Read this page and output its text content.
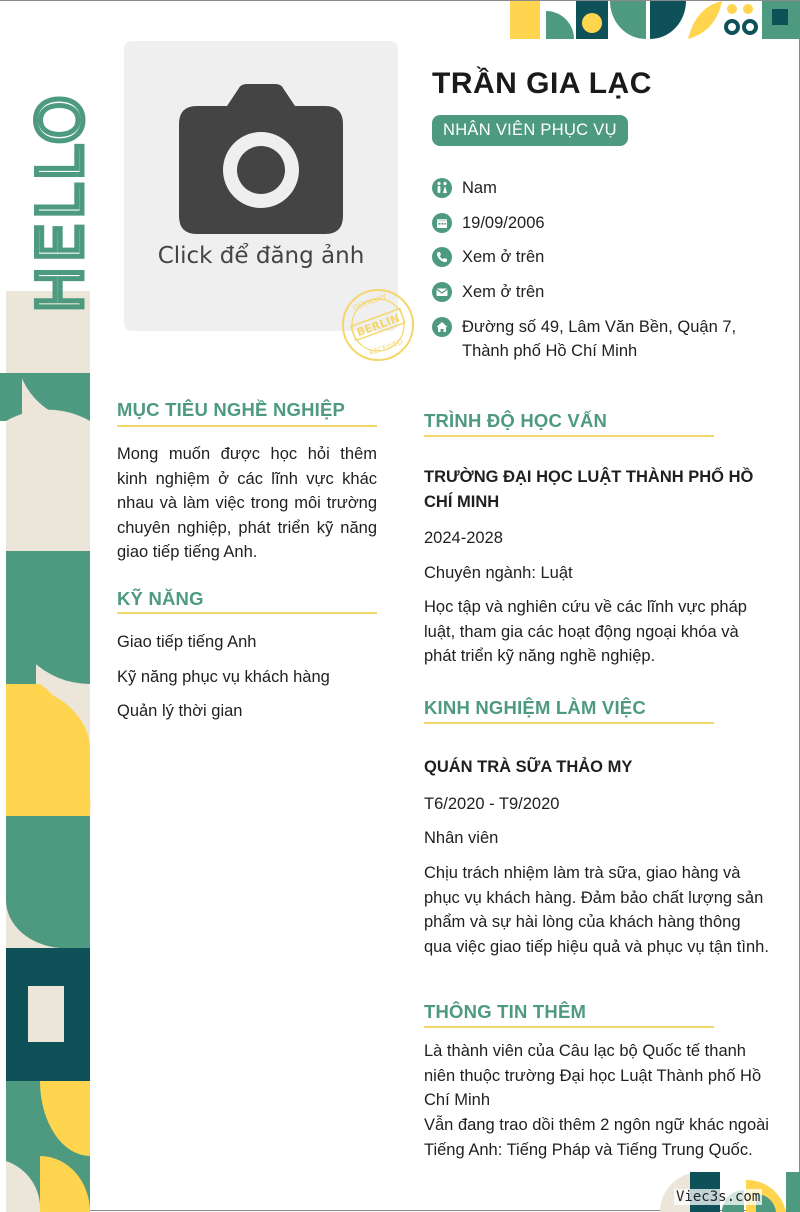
HELLO	Click để đăng ảnh
GERMANY
BERLIN
RECEIVED
TRẦN GIA LẠC
NHÂN VIÊN PHỤC VỤ
Nam
19/09/2006
Xem ở trên
Xem ở trên
Đường số 49, Lâm Văn Bền, Quận 7, Thành phố Hồ Chí Minh
MỤC TIÊU NGHỀ NGHIỆP
Mong muốn được học hỏi thêm kinh nghiệm ở các lĩnh vực khác nhau và làm việc trong môi trường chuyên nghiệp, phát triển kỹ năng giao tiếp tiếng Anh.
KỸ NĂNG
Giao tiếp tiếng Anh
Kỹ năng phục vụ khách hàng
Quản lý thời gian
TRÌNH ĐỘ HỌC VẤN
TRƯỜNG ĐẠI HỌC LUẬT THÀNH PHỐ HỒ CHÍ MINH
2024-2028
Chuyên ngành: Luật
Học tập và nghiên cứu về các lĩnh vực pháp luật, tham gia các hoạt động ngoại khóa và phát triển kỹ năng nghề nghiệp.
KINH NGHIỆM LÀM VIỆC
QUÁN TRÀ SỮA THẢO MY
T6/2020 - T9/2020
Nhân viên
Chịu trách nhiệm làm trà sữa, giao hàng và phục vụ khách hàng. Đảm bảo chất lượng sản phẩm và sự hài lòng của khách hàng thông qua việc giao tiếp hiệu quả và phục vụ tận tình.
THÔNG TIN THÊM
Là thành viên của Câu lạc bộ Quốc tế thanh niên thuộc trường Đại học Luật Thành phố Hồ Chí Minh
Vẫn đang trao dồi thêm 2 ngôn ngữ khác ngoài Tiếng Anh: Tiếng Pháp và Tiếng Trung Quốc.
Viec3s.com
